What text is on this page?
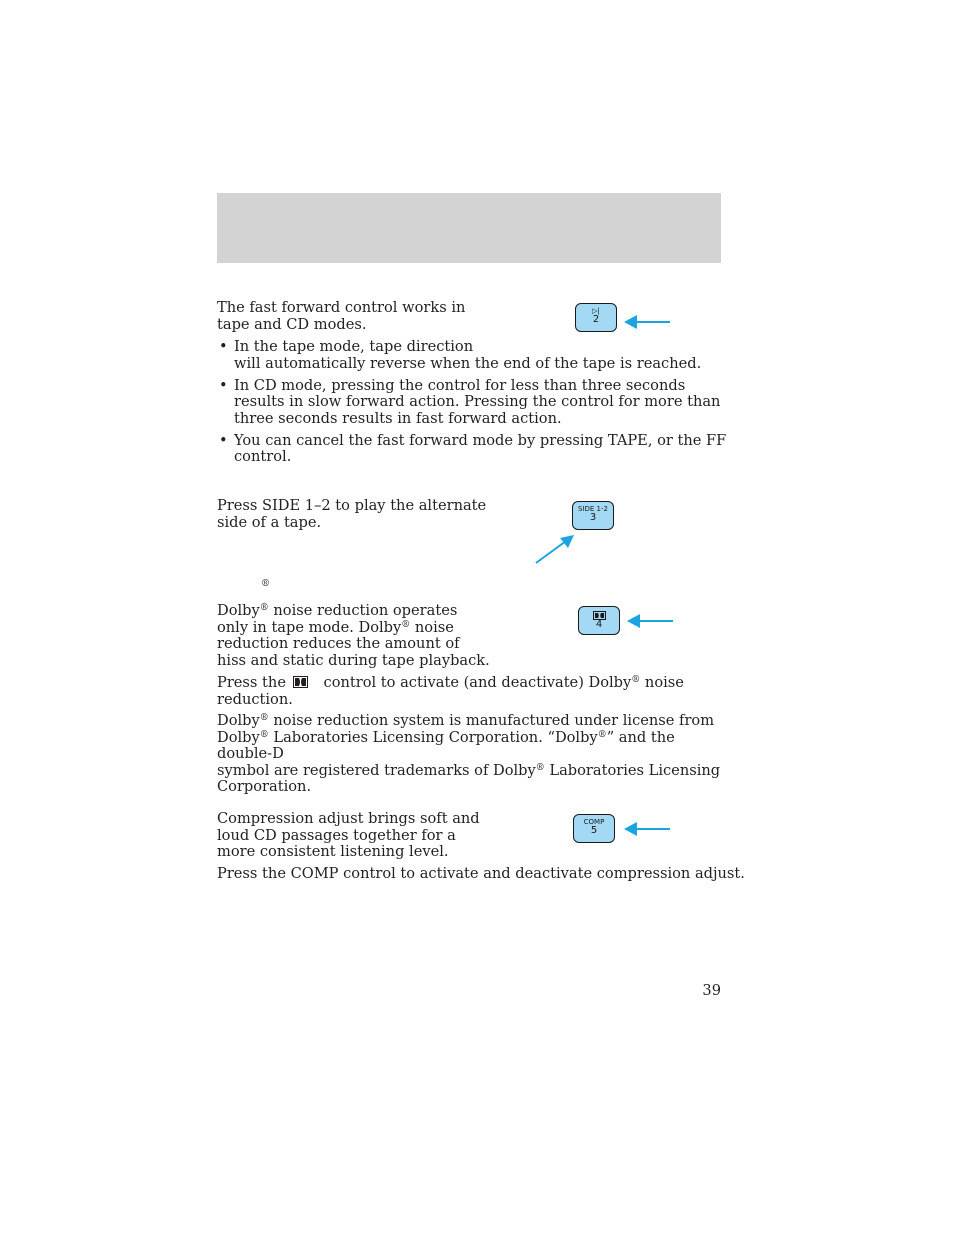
The fast forward control works in
tape and CD modes.

▷|
2
• In the tape mode, tape direction
will automatically reverse when the end of the tape is reached.
• In CD mode, pressing the control for less than three seconds results in slow forward action. Pressing the control for more than three seconds results in fast forward action.
• You can cancel the fast forward mode by pressing TAPE, or the FF control.

Press SIDE 1–2 to play the alternate
side of a tape.

SIDE 1-2
3
®

Dolby® noise reduction operates
only in tape mode. Dolby® noise
reduction reduces the amount of
hiss and static during tape playback.

4

Press the	control to activate (and deactivate) Dolby® noise
reduction.

Dolby® noise reduction system is manufactured under license from
Dolby® Laboratories Licensing Corporation. “Dolby®” and the double-D
symbol are registered trademarks of Dolby® Laboratories Licensing
Corporation.

Compression adjust brings soft and
loud CD passages together for a
more consistent listening level.

COMP
5

Press the COMP control to activate and deactivate compression adjust.

39
